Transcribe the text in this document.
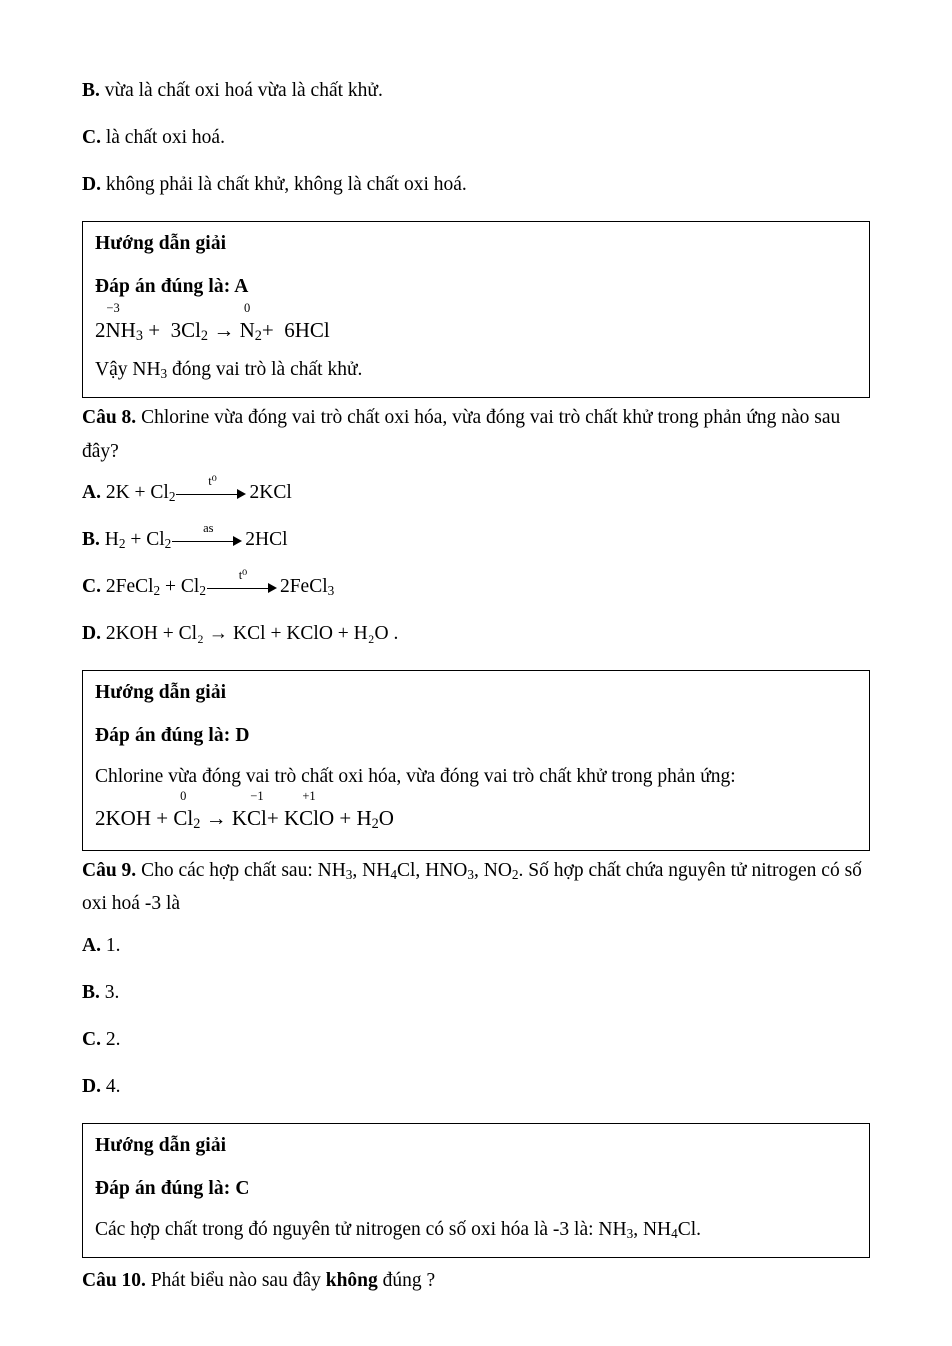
B. vừa là chất oxi hoá vừa là chất khử.
C. là chất oxi hoá.
D. không phải là chất khử, không là chất oxi hoá.
Hướng dẫn giải
Đáp án đúng là: A
2
−3
$NH_3 + 3Cl_2$ →
0
$N_2+ 6HCl$
Vậy $NH_3$ đóng vai trò là chất khử.
Câu 8. Chlorine vừa đóng vai trò chất oxi hóa, vừa đóng vai trò chất khử trong phản ứng nào sau đây?
A. $2K + Cl_2$
t⁰
2KCl
B. $H_2 + Cl_2$
as
2HCl
C. 2FeCl$_2$ + $Cl_2$
t⁰
2FeCl$_3$
D. 2KOH + Cl₂ → KCl + KClO + H₂O .
Hướng dẫn giải
Đáp án đúng là: D
Chlorine vừa đóng vai trò chất oxi hóa, vừa đóng vai trò chất khử trong phản ứng:
2KOH +
0
$Cl_2 \to K$
−1
Cl+ K
+1
ClO + $H_2O$
Câu 9. Cho các hợp chất sau: $NH_3$, $NH_4Cl$, $HNO_3$, $NO_2$. Số hợp chất chứa nguyên tử nitrogen có số oxi hoá -3 là
A. 1.
B. 3.
C. 2.
D. 4.
Hướng dẫn giải
Đáp án đúng là: C
Các hợp chất trong đó nguyên tử nitrogen có số oxi hóa là -3 là: $NH_3$, $NH_4Cl$.
Câu 10. Phát biểu nào sau đây không đúng ?
